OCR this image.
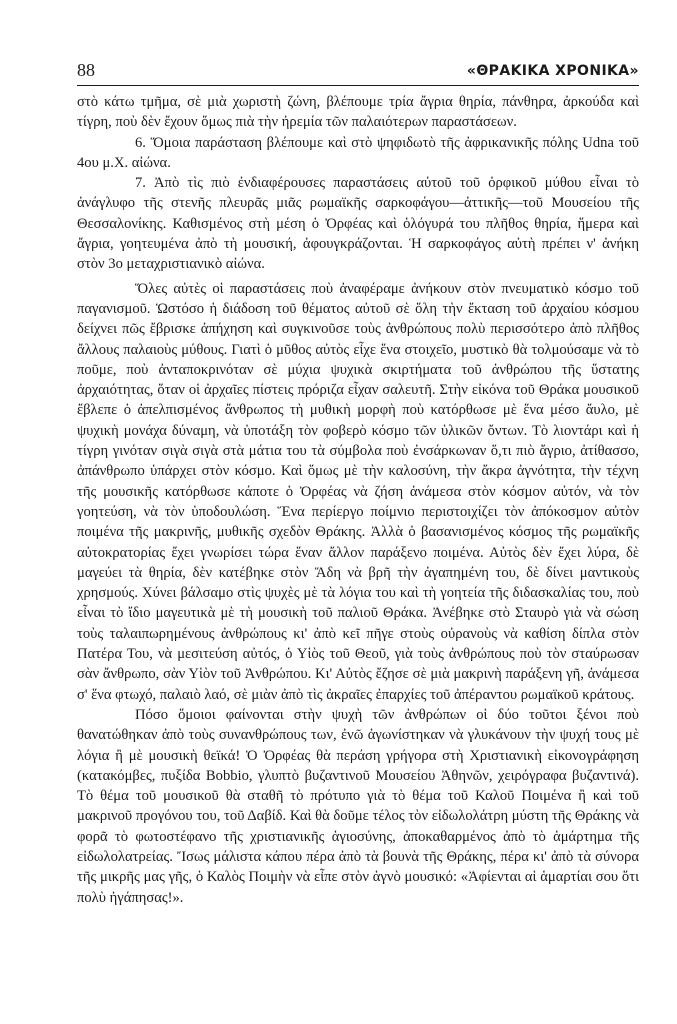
88	«ΘΡΑΚΙΚΑ ΧΡΟΝΙΚΑ»

στὸ κάτω τμῆμα, σὲ μιὰ χωριστὴ ζώνη, βλέπουμε τρία ἄγρια θηρία, πάνθηρα, ἀρκούδα καὶ τίγρη, ποὺ δὲν ἔχουν ὅμως πιὰ τὴν ἠρεμία τῶν παλαιότερων παραστάσεων.

6. Ὅμοια παράσταση βλέπουμε καὶ στὸ ψηφιδωτὸ τῆς ἀφρικανικῆς πόλης Udna τοῦ 4ου μ.Χ. αἰώνα.

7. Ἀπὸ τὶς πιὸ ἐνδιαφέρουσες παραστάσεις αὐτοῦ τοῦ ὀρφικοῦ μύθου εἶναι τὸ ἀνάγλυφο τῆς στενῆς πλευρᾶς μιᾶς ρωμαϊκῆς σαρκοφάγου—ἀττικῆς—τοῦ Μουσείου τῆς Θεσσαλονίκης. Καθισμένος στὴ μέση ὁ Ὀρφέας καὶ ὁλόγυρά του πλῆθος θηρία, ἥμερα καὶ ἄγρια, γοητευμένα ἀπὸ τὴ μουσική, ἀφουγκράζονται. Ἡ σαρκοφάγος αὐτὴ πρέπει ν' ἀνήκη στὸν 3ο μεταχριστιανικὸ αἰώνα.

Ὅλες αὐτὲς οἱ παραστάσεις ποὺ ἀναφέραμε ἀνήκουν στὸν πνευματικὸ κόσμο τοῦ παγανισμοῦ. Ὡστόσο ἡ διάδοση τοῦ θέματος αὐτοῦ σὲ ὅλη τὴν ἔκταση τοῦ ἀρχαίου κόσμου δείχνει πῶς ἔβρισκε ἀπήχηση καὶ συγκινοῦσε τοὺς ἀνθρώπους πολὺ περισσότερο ἀπὸ πλῆθος ἄλλους παλαιοὺς μύθους. Γιατὶ ὁ μῦθος αὐτὸς εἶχε ἕνα στοιχεῖο, μυστικὸ θὰ τολμούσαμε νὰ τὸ ποῦμε, ποὺ ἀνταποκρινόταν σὲ μύχια ψυχικὰ σκιρτήματα τοῦ ἀνθρώπου τῆς ὕστατης ἀρχαιότητας, ὅταν οἱ ἀρχαῖες πίστεις πρόριζα εἶχαν σαλευτῆ. Στὴν εἰκόνα τοῦ Θράκα μουσικοῦ ἔβλεπε ὁ ἀπελπισμένος ἄνθρωπος τὴ μυθικὴ μορφὴ ποὺ κατόρθωσε μὲ ἕνα μέσο ἄυλο, μὲ ψυχικὴ μονάχα δύναμη, νὰ ὑποτάξη τὸν φοβερὸ κόσμο τῶν ὑλικῶν ὄντων. Τὸ λιοντάρι καὶ ἡ τίγρη γινόταν σιγὰ σιγὰ στὰ μάτια του τὰ σύμβολα ποὺ ἐνσάρκωναν ὅ,τι πιὸ ἄγριο, ἀτίθασσο, ἀπάνθρωπο ὑπάρχει στὸν κόσμο. Καὶ ὅμως μὲ τὴν καλοσύνη, τὴν ἄκρα ἀγνότητα, τὴν τέχνη τῆς μουσικῆς κατόρθωσε κάποτε ὁ Ὀρφέας νὰ ζήση ἀνάμεσα στὸν κόσμον αὐτόν, νὰ τὸν γοητεύση, νὰ τὸν ὑποδουλώση. Ἕνα περίεργο ποίμνιο περιστοιχίζει τὸν ἀπόκοσμον αὐτὸν ποιμένα τῆς μακρινῆς, μυθικῆς σχεδὸν Θράκης. Ἀλλὰ ὁ βασανισμένος κόσμος τῆς ρωμαϊκῆς αὐτοκρατορίας ἔχει γνωρίσει τώρα ἕναν ἄλλον παράξενο ποιμένα. Αὐτὸς δὲν ἔχει λύρα, δὲ μαγεύει τὰ θηρία, δὲν κατέβηκε στὸν Ἅδη νὰ βρῆ τὴν ἀγαπημένη του, δὲ δίνει μαντικοὺς χρησμούς. Χύνει βάλσαμο στὶς ψυχὲς μὲ τὰ λόγια του καὶ τὴ γοητεία τῆς διδασκαλίας του, ποὺ εἶναι τὸ ἴδιο μαγευτικὰ μὲ τὴ μουσικὴ τοῦ παλιοῦ Θράκα. Ἀνέβηκε στὸ Σταυρὸ γιὰ νὰ σώση τοὺς ταλαιπωρημένους ἀνθρώπους κι' ἀπὸ κεῖ πῆγε στοὺς οὐρανοὺς νὰ καθίση δίπλα στὸν Πατέρα Του, νὰ μεσιτεύση αὐτός, ὁ Υἱὸς τοῦ Θεοῦ, γιὰ τοὺς ἀνθρώπους ποὺ τὸν σταύρωσαν σὰν ἄνθρωπο, σὰν Υἱὸν τοῦ Ἀνθρώπου. Κι' Αὐτὸς ἔζησε σὲ μιὰ μακρινὴ παράξενη γῆ, ἀνάμεσα σ' ἕνα φτωχό, παλαιὸ λαό, σὲ μιὰν ἀπὸ τὶς ἀκραῖες ἐπαρχίες τοῦ ἀπέραντου ρωμαϊκοῦ κράτους.

Πόσο ὅμοιοι φαίνονται στὴν ψυχὴ τῶν ἀνθρώπων οἱ δύο τοῦτοι ξένοι ποὺ θανατώθηκαν ἀπὸ τοὺς συνανθρώπους των, ἐνῶ ἀγωνίστηκαν νὰ γλυκάνουν τὴν ψυχή τους μὲ λόγια ἢ μὲ μουσικὴ θεϊκά! Ὁ Ὀρφέας θὰ περάση γρήγορα στὴ Χριστιανικὴ εἰκονογράφηση (κατακόμβες, πυξίδα Bobbio, γλυπτὸ βυζαντινοῦ Μουσείου Ἀθηνῶν, χειρόγραφα βυζαντινά). Τὸ θέμα τοῦ μουσικοῦ θὰ σταθῆ τὸ πρότυπο γιὰ τὸ θέμα τοῦ Καλοῦ Ποιμένα ἢ καὶ τοῦ μακρινοῦ προγόνου του, τοῦ Δαβίδ. Καὶ θὰ δοῦμε τέλος τὸν εἰδωλολάτρη μύστη τῆς Θράκης νὰ φορᾶ τὸ φωτοστέφανο τῆς χριστιανικῆς ἁγιοσύνης, ἀποκαθαρμένος ἀπὸ τὸ ἁμάρτημα τῆς εἰδωλολατρείας. Ἴσως μάλιστα κάπου πέρα ἀπὸ τὰ βουνὰ τῆς Θράκης, πέρα κι' ἀπὸ τὰ σύνορα τῆς μικρῆς μας γῆς, ὁ Καλὸς Ποιμὴν νὰ εἶπε στὸν ἁγνὸ μουσικό: «Ἀφίενται αἱ ἁμαρτίαι σου ὅτι πολὺ ἠγάπησας!».
